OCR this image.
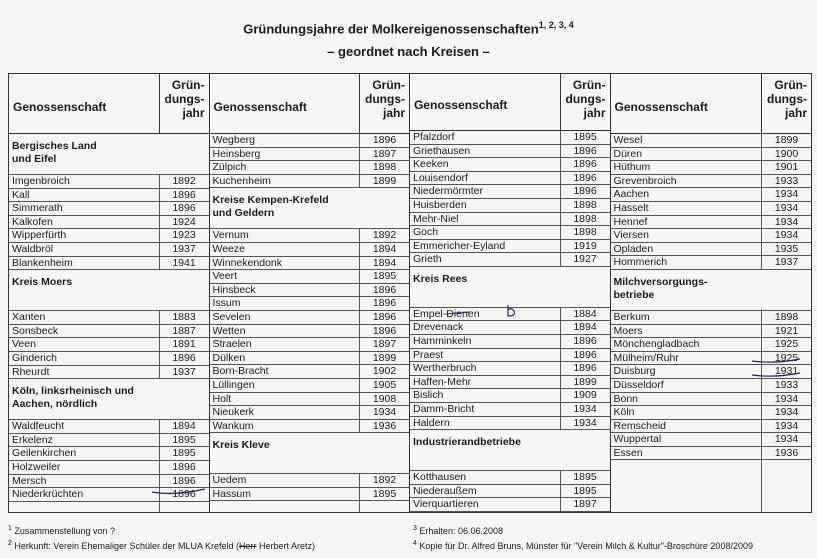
Gründungsjahre der Molkereigenossenschaften$^{1, 2, 3, 4}$
– geordnet nach Kreisen –
Genossenschaft
Grün-
dungs-
jahr
Bergisches Land
und Eifel
Imgenbroich	1892
Kall	1896
Simmerath	1896
Kalkofen	1924
Wipperfürth	1923
Waldbröl	1937
Blankenheim	1941
Kreis Moers
Xanten	1883
Sonsbeck	1887
Veen	1891
Ginderich	1896
Rheurdt	1937
Köln, linksrheinisch und
Aachen, nördlich
Waldfeucht	1894
Erkelenz	1895
Geilenkirchen	1895
Holzweiler	1896
Mersch	1896
Niederkrüchten	1896
Genossenschaft
Grün-
dungs-
jahr
Wegberg	1896
Heinsberg	1897
Zülpich	1898
Kuchenheim	1899
Kreise Kempen-Krefeld
und Geldern
Vernum	1892
Weeze	1894
Winnekendonk	1894
Veert	1895
Hinsbeck	1896
Issum	1896
Sevelen	1896
Wetten	1896
Straelen	1897
Dülken	1899
Born-Bracht	1902
Lüllingen	1905
Holt	1908
Nieukerk	1934
Wankum	1936
Kreis Kleve
Uedem	1892
Hassum	1895
Genossenschaft
Grün-
dungs-
jahr
Pfalzdorf	1895
Griethausen	1896
Keeken	1896
Louisendorf	1896
Niedermörmter	1896
Huisberden	1898
Mehr-Niel	1898
Goch	1898
Emmericher-Eyland	1919
Grieth	1927
Kreis Rees
Empel-Dienen	1884
Drevenack	1894
Hamminkeln	1896
Praest	1896
Wertherbruch	1896
Haffen-Mehr	1899
Bislich	1909
Damm-Bricht	1934
Haldern	1934
Industrierandbetriebe
Kotthausen	1895
Niederaußem	1895
Vierquartieren	1897
Genossenschaft
Grün-
dungs-
jahr
Wesel	1899
Düren	1900
Hüthum	1901
Grevenbroich	1933
Aachen	1934
Hasselt	1934
Hennef	1934
Viersen	1934
Opladen	1935
Hommerich	1937
Milchversorgungs-
betriebe
Berkum	1898
Moers	1921
Mönchengladbach	1925
Mülheim/Ruhr	1925
Duisburg	1931
Düsseldorf	1933
Bonn	1934
Köln	1934
Remscheid	1934
Wuppertal	1934
Essen	1936
$^1$ Zusammenstellung von ?
$^2$ Herkunft: Verein Ehemaliger Schüler der MLUA Krefeld (Herr Herbert Aretz)
$^3$ Erhalten: 06.06.2008
$^4$ Kopie für Dr. Alfred Bruns, Münster für "Verein Milch & Kultur"-Broschüre 2008/2009
